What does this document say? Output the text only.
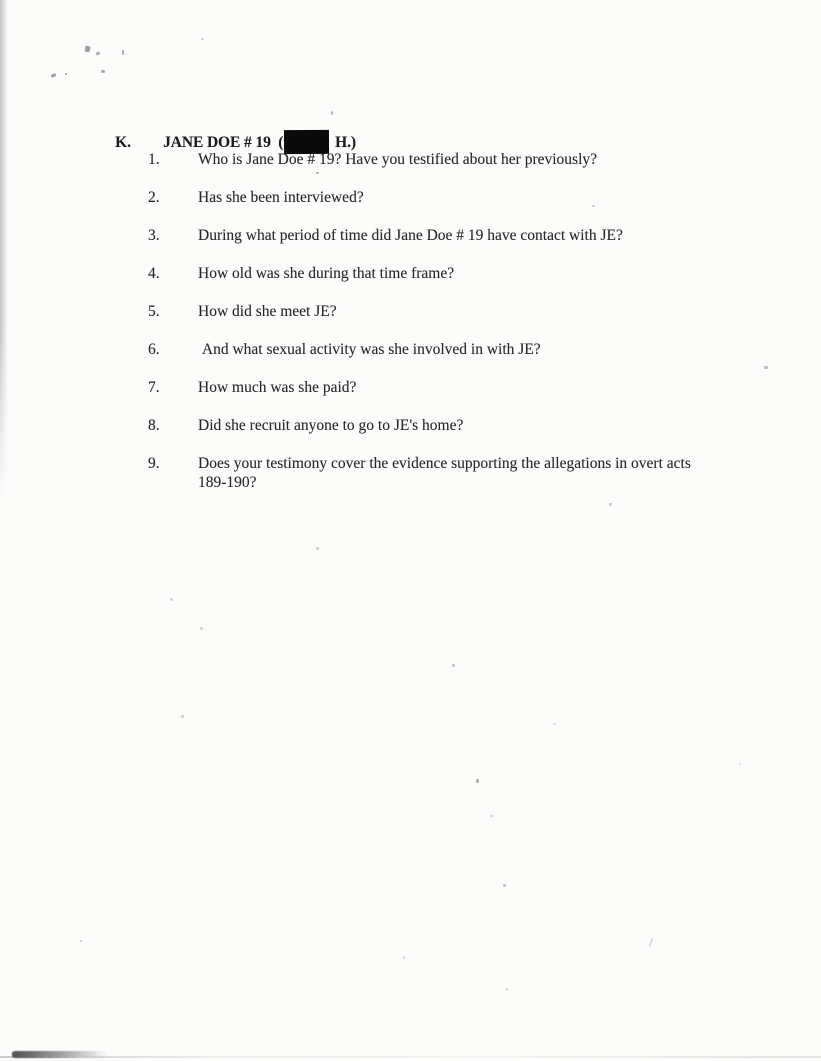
K. JANE DOE # 19  (	H.)

1.	Who is Jane Doe # 19? Have you testified about her previously?
2.	Has she been interviewed?
3.	During what period of time did Jane Doe # 19 have contact with JE?
4.	How old was she during that time frame?
5.	How did she meet JE?
6.	And what sexual activity was she involved in with JE?
7.	How much was she paid?
8.	Did she recruit anyone to go to JE's home?
9.	Does your testimony cover the evidence supporting the allegations in overt acts 189-190?
